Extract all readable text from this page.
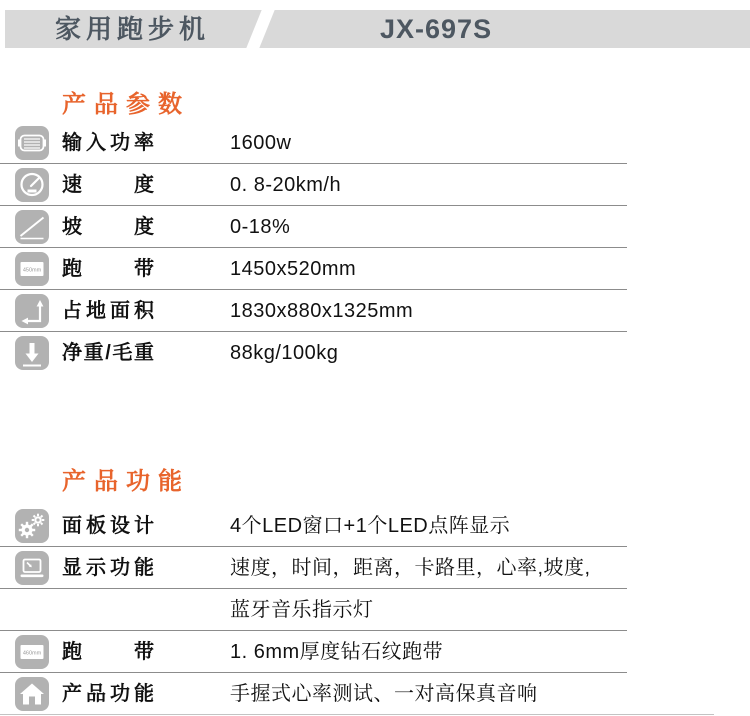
家用跑步机	JX-697S
产品参数
输入功率	1600w
速度	0. 8-20km/h
坡度	0-18%
450mm 跑带	1450x520mm
占地面积	1830x880x1325mm
净重/毛重	88kg/100kg
产品功能
面板设计	4个LED窗口+1个LED点阵显示
显示功能	速度，时间，距离，卡路里，心率,坡度,
蓝牙音乐指示灯
460mm 跑带	1. 6mm厚度钻石纹跑带
产品功能	手握式心率测试、一对高保真音响
